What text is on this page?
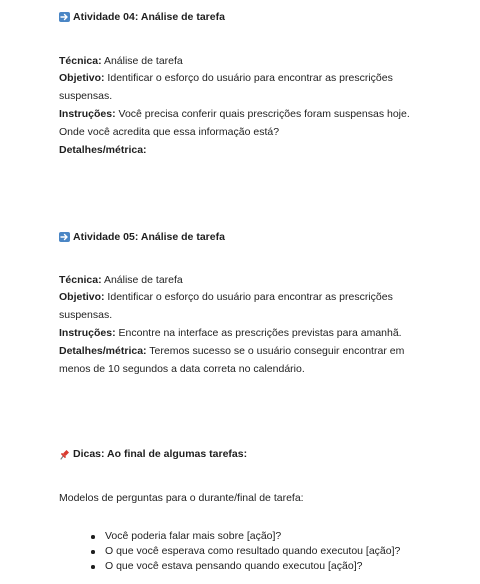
Atividade 04: Análise de tarefa
Técnica: Análise de tarefa
Objetivo: Identificar o esforço do usuário para encontrar as prescrições
suspensas.
Instruções: Você precisa conferir quais prescrições foram suspensas hoje.
Onde você acredita que essa informação está?
Detalhes/métrica:
Atividade 05: Análise de tarefa
Técnica: Análise de tarefa
Objetivo: Identificar o esforço do usuário para encontrar as prescrições
suspensas.
Instruções: Encontre na interface as prescrições previstas para amanhã.
Detalhes/métrica: Teremos sucesso se o usuário conseguir encontrar em
menos de 10 segundos a data correta no calendário.
Dicas: Ao final de algumas tarefas:
Modelos de perguntas para o durante/final de tarefa:
Você poderia falar mais sobre [ação]?
O que você esperava como resultado quando executou [ação]?
O que você estava pensando quando executou [ação]?
